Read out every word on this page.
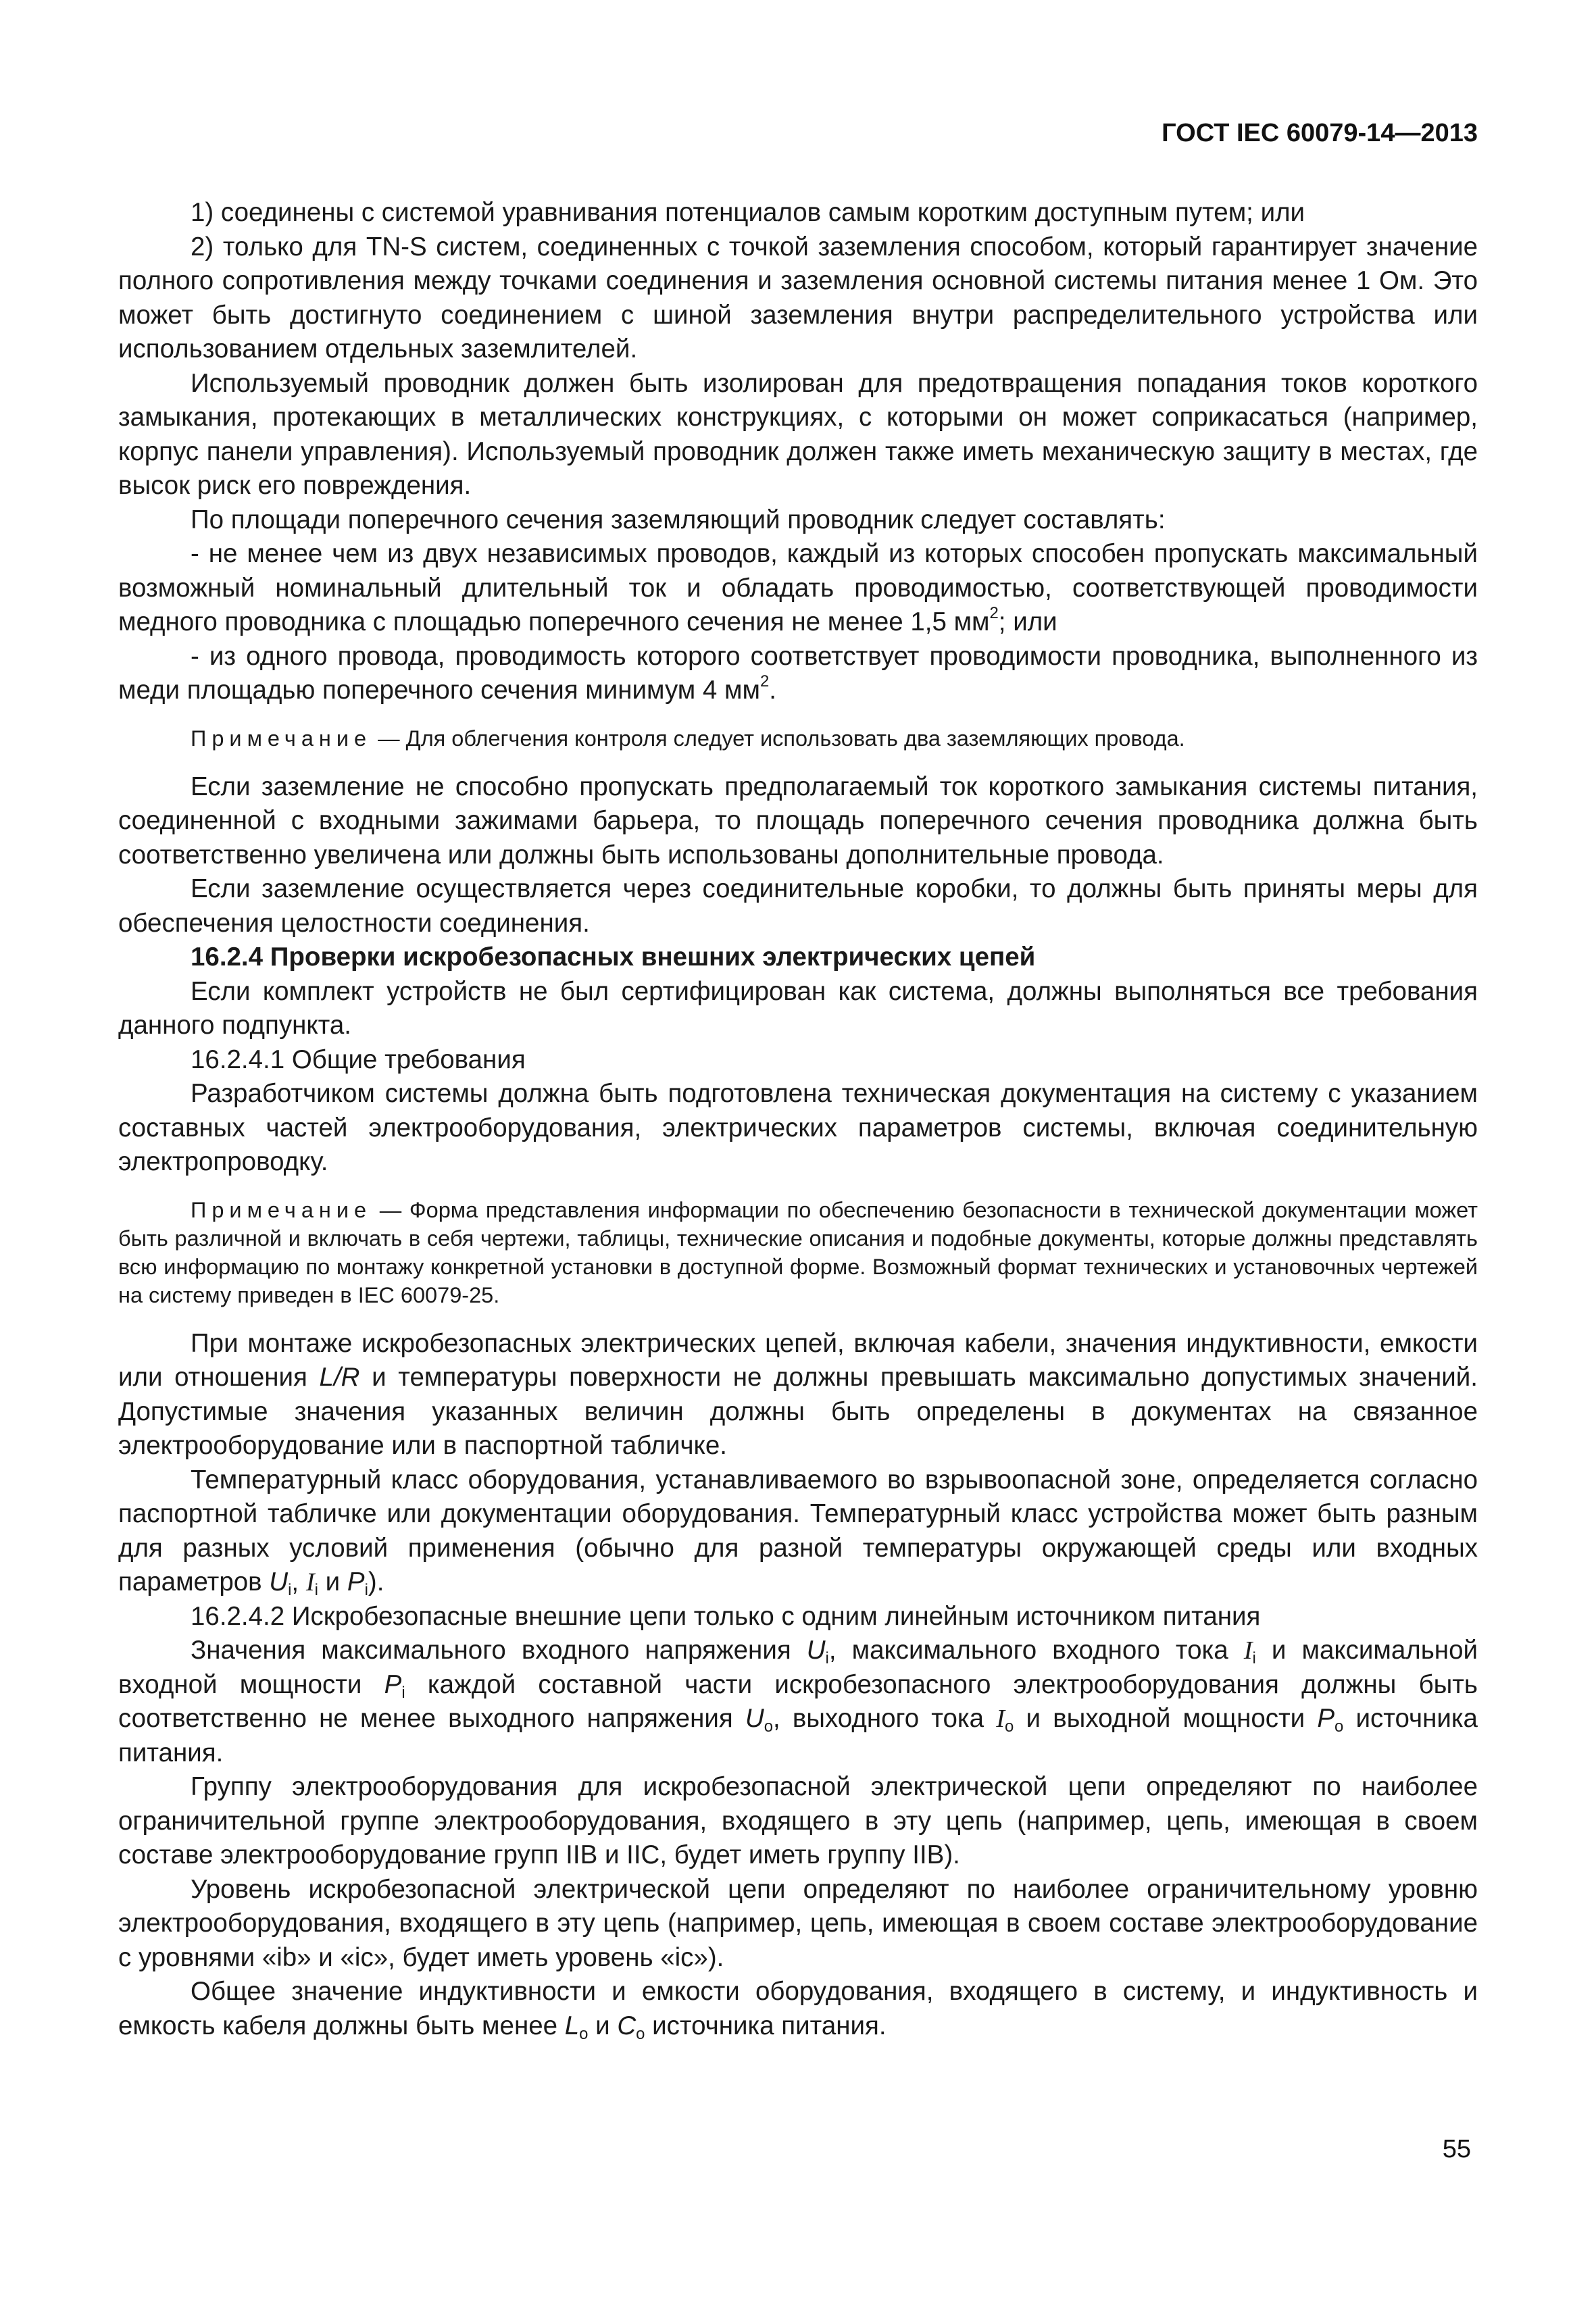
ГОСТ IEC 60079-14—2013

1) соединены с системой уравнивания потенциалов самым коротким доступным путем; или

2) только для TN-S систем, соединенных с точкой заземления способом, который гарантирует значение полного сопротивления между точками соединения и заземления основной системы питания менее 1 Ом. Это может быть достигнуто соединением с шиной заземления внутри распределительного устройства или использованием отдельных заземлителей.

Используемый проводник должен быть изолирован для предотвращения попадания токов короткого замыкания, протекающих в металлических конструкциях, с которыми он может соприкасаться (например, корпус панели управления). Используемый проводник должен также иметь механическую защиту в местах, где высок риск его повреждения.

По площади поперечного сечения заземляющий проводник следует составлять:

- не менее чем из двух независимых проводов, каждый из которых способен пропускать максимальный возможный номинальный длительный ток и обладать проводимостью, соответствующей проводимости медного проводника с площадью поперечного сечения не менее 1,5 $мм^2$; или

- из одного провода, проводимость которого соответствует проводимости проводника, выполненного из меди площадью поперечного сечения минимум 4 $мм^2$.

Примечание — Для облегчения контроля следует использовать два заземляющих провода.

Если заземление не способно пропускать предполагаемый ток короткого замыкания системы питания, соединенной с входными зажимами барьера, то площадь поперечного сечения проводника должна быть соответственно увеличена или должны быть использованы дополнительные провода.

Если заземление осуществляется через соединительные коробки, то должны быть приняты меры для обеспечения целостности соединения.

16.2.4 Проверки искробезопасных внешних электрических цепей

Если комплект устройств не был сертифицирован как система, должны выполняться все требования данного подпункта.

16.2.4.1 Общие требования

Разработчиком системы должна быть подготовлена техническая документация на систему с указанием составных частей электрооборудования, электрических параметров системы, включая соединительную электропроводку.

Примечание — Форма представления информации по обеспечению безопасности в технической документации может быть различной и включать в себя чертежи, таблицы, технические описания и подобные документы, которые должны представлять всю информацию по монтажу конкретной установки в доступной форме. Возможный формат технических и установочных чертежей на систему приведен в IEC 60079-25.

При монтаже искробезопасных электрических цепей, включая кабели, значения индуктивности, емкости или отношения L/R и температуры поверхности не должны превышать максимально допустимых значений. Допустимые значения указанных величин должны быть определены в документах на связанное электрооборудование или в паспортной табличке.

Температурный класс оборудования, устанавливаемого во взрывоопасной зоне, определяется согласно паспортной табличке или документации оборудования. Температурный класс устройства может быть разным для разных условий применения (обычно для разной температуры окружающей среды или входных параметров $U_i$, $I_i$ и $P_i$).

16.2.4.2 Искробезопасные внешние цепи только с одним линейным источником питания

Значения максимального входного напряжения $U_i$, максимального входного тока $I_i$ и максимальной входной мощности $P_i$ каждой составной части искробезопасного электрооборудования должны быть соответственно не менее выходного напряжения $U_o$, выходного тока $I_o$ и выходной мощности $P_o$ источника питания.

Группу электрооборудования для искробезопасной электрической цепи определяют по наиболее ограничительной группе электрооборудования, входящего в эту цепь (например, цепь, имеющая в своем составе электрооборудование групп IIB и IIC, будет иметь группу IIB).

Уровень искробезопасной электрической цепи определяют по наиболее ограничительному уровню электрооборудования, входящего в эту цепь (например, цепь, имеющая в своем составе электрооборудование с уровнями «ib» и «ic», будет иметь уровень «ic»).

Общее значение индуктивности и емкости оборудования, входящего в систему, и индуктивность и емкость кабеля должны быть менее $L_o$ и $C_o$ источника питания.

55
